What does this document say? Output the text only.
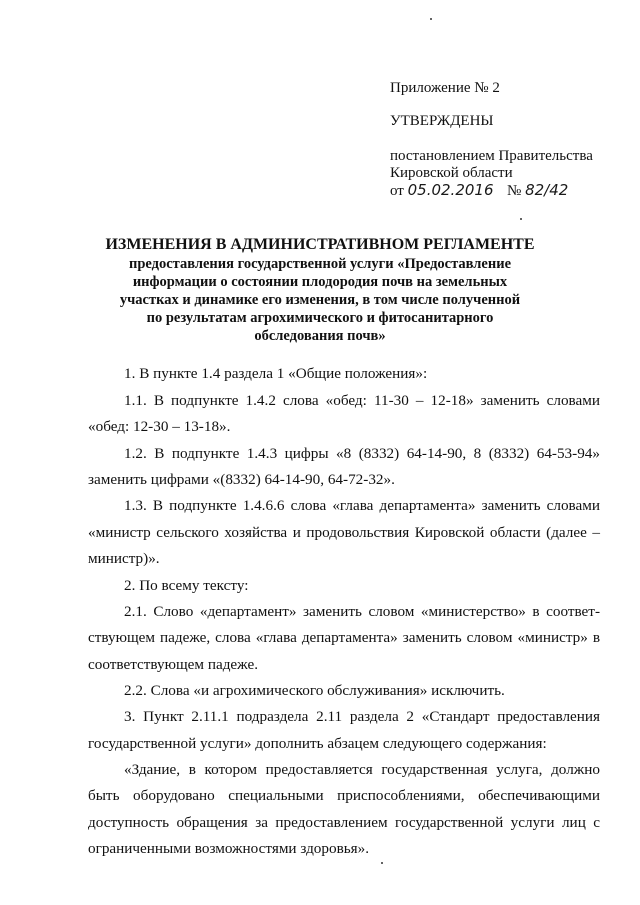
Приложение № 2
УТВЕРЖДЕНЫ
постановлением Правительства
Кировской области
от 05.02.2016 № 82/42
ИЗМЕНЕНИЯ В АДМИНИСТРАТИВНОМ РЕГЛАМЕНТЕ
предоставления государственной услуги «Предоставление
информации о состоянии плодородия почв на земельных
участках и динамике его изменения, в том числе полученной
по результатам агрохимического и фитосанитарного
обследования почв»
1. В пункте 1.4 раздела 1 «Общие положения»:
1.1. В подпункте 1.4.2 слова «обед: 11-30 – 12-18» заменить словами
«обед: 12-30 – 13-18».
1.2. В подпункте 1.4.3 цифры «8 (8332) 64-14-90, 8 (8332) 64-53-94»
заменить цифрами «(8332) 64-14-90, 64-72-32».
1.3. В подпункте 1.4.6.6 слова «глава департамента» заменить словами
«министр сельского хозяйства и продовольствия Кировской области (далее –
министр)».
2. По всему тексту:
2.1. Слово «департамент» заменить словом «министерство» в соответ-
ствующем падеже, слова «глава департамента» заменить словом «министр» в
соответствующем падеже.
2.2. Слова «и агрохимического обслуживания» исключить.
3. Пункт 2.11.1 подраздела 2.11 раздела 2 «Стандарт предоставления
государственной услуги» дополнить абзацем следующего содержания:
«Здание, в котором предоставляется государственная услуга, должно
быть оборудовано специальными приспособлениями, обеспечивающими
доступность обращения за предоставлением государственной услуги лиц с
ограниченными возможностями здоровья».
